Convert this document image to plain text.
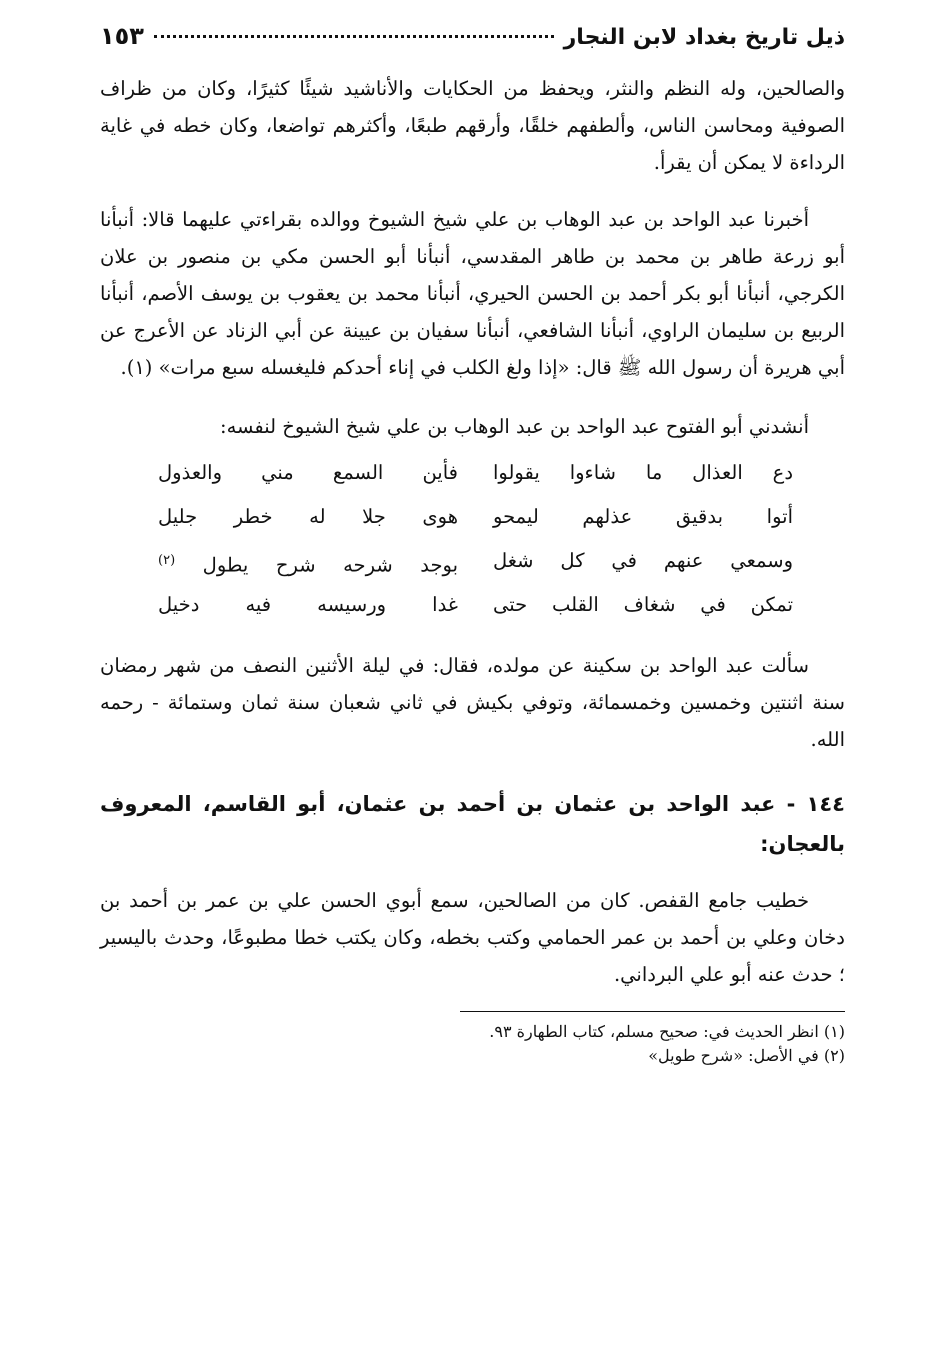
ذيل تاريخ بغداد لابن النجار
١٥٣

والصالحين، وله النظم والنثر، ويحفظ من الحكايات والأناشيد شيئًا كثيرًا، وكان من ظراف الصوفية ومحاسن الناس، وألطفهم خلقًا، وأرقهم طبعًا، وأكثرهم تواضعا، وكان خطه في غاية الرداءة لا يمكن أن يقرأ.

أخبرنا عبد الواحد بن عبد الوهاب بن علي شيخ الشيوخ ووالده بقراءتي عليهما قالا: أنبأنا أبو زرعة طاهر بن محمد بن طاهر المقدسي، أنبأنا أبو الحسن مكي بن منصور بن علان الكرجي، أنبأنا أبو بكر أحمد بن الحسن الحيري، أنبأنا محمد بن يعقوب بن يوسف الأصم، أنبأنا الربيع بن سليمان الراوي، أنبأنا الشافعي، أنبأنا سفيان بن عيينة عن أبي الزناد عن الأعرج عن أبي هريرة أن رسول الله ﷺ قال: «إذا ولغ الكلب في إناء أحدكم فليغسله سبع مرات» (١).

أنشدني أبو الفتوح عبد الواحد بن عبد الوهاب بن علي شيخ الشيوخ لنفسه:

دع العذال ما شاءوا يقولوا
فأين السمع مني والعذول
أتوا بدقيق عذلهم ليمحو
هوى جلا له خطر جليل
وسمعي عنهم في كل شغل
بوجد شرحه شرح يطول $^{(٢)}$
تمكن في شغاف القلب حتى
غدا ورسيسه فيه دخيل

سألت عبد الواحد بن سكينة عن مولده، فقال: في ليلة الأثنين النصف من شهر رمضان سنة اثنتين وخمسين وخمسمائة، وتوفي بكيش في ثاني شعبان سنة ثمان وستمائة - رحمه الله.

١٤٤ - عبد الواحد بن عثمان بن أحمد بن عثمان، أبو القاسم، المعروف بالعجان:

خطيب جامع القفص. كان من الصالحين، سمع أبوي الحسن علي بن عمر بن أحمد بن دخان وعلي بن أحمد بن عمر الحمامي وكتب بخطه، وكان يكتب خطا مطبوعًا، وحدث باليسير ؛ حدث عنه أبو علي البرداني.

(١) انظر الحديث في: صحيح مسلم، كتاب الطهارة ٩٣.

(٢) في الأصل: «شرح طويل»
